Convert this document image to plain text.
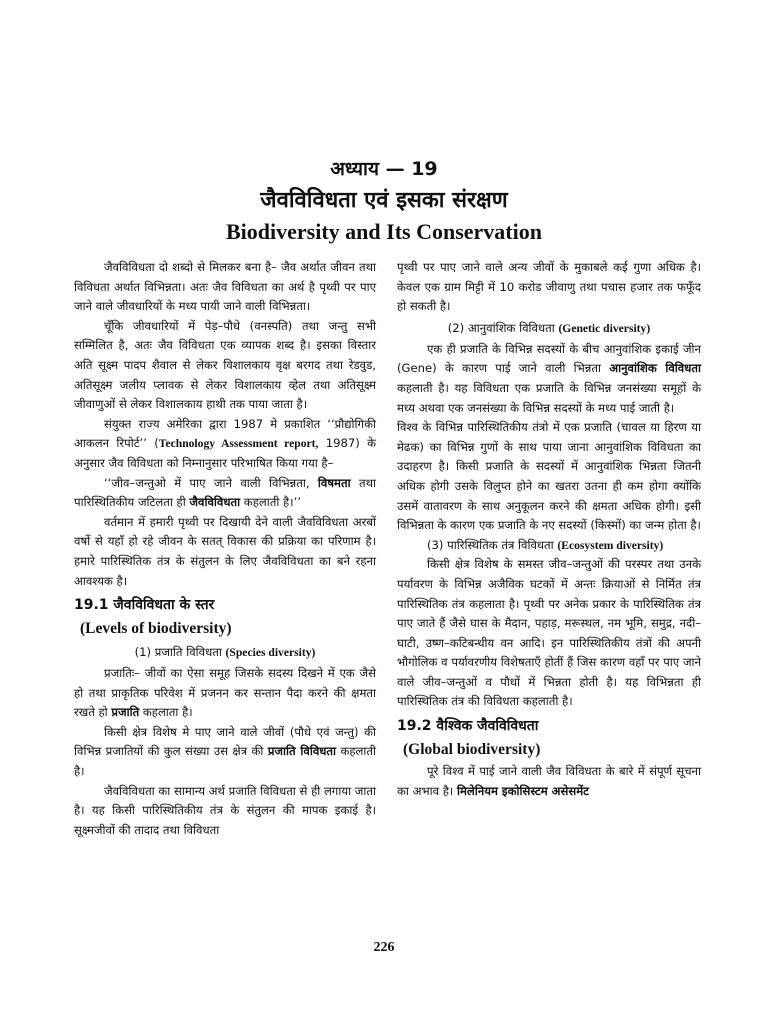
अध्याय — 19
जैवविविधता एवं इसका संरक्षण
Biodiversity and Its Conservation

जैवविविधता दो शब्दो से मिलकर बना है– जैव अर्थात जीवन तथा विविधता अर्थात विभिन्नता। अतः जैव विविधता का अर्थ है पृथ्वी पर पाए जाने वाले जीवधारियों के मध्य पायी जाने वाली विभिन्नता।

चूँकि जीवधारियों में पेड़–पौधे (वनस्पति) तथा जन्तु सभी सम्मिलित है, अतः जैव विविधता एक व्यापक शब्द है। इसका विस्तार अति सूक्ष्म पादप शैवाल से लेकर विशालकाय वृक्ष बरगद तथा रेडवुड, अतिसूक्ष्म जलीय प्लावक से लेकर विशालकाय व्हेल तथा अतिसूक्ष्म जीवाणुओं से लेकर विशालकाय हाथी तक पाया जाता है।

संयुक्त राज्य अमेरिका द्वारा 1987 मे प्रकाशित ‘‘प्रौद्योगिकी आकलन रिपोर्ट’’ (Technology Assessment report, 1987) के अनुसार जैव विविधता को निम्नानुसार परिभाषित किया गया है–

‘‘जीव–जन्तुओ में पाए जाने वाली विभिन्नता, विषमता तथा पारिस्थितिकीय जटिलता ही जैवविविधता कहलाती है।’’

वर्तमान में हमारी पृथ्वी पर दिखायी देने वाली जैवविविधता अरबों वर्षो से यहाँ हो रहे जीवन के सतत् विकास की प्रक्रिया का परिणाम है। हमारे पारिस्थितिक तंत्र के संतुलन के लिए जैवविविधता का बने रहना आवश्यक है।

19.1 जैवविविधता के स्तर
(Levels of biodiversity)

(1) प्रजाति विविधता (Species diversity)

प्रजातिः– जीवों का ऐसा समूह जिसके सदस्य दिखने में एक जैसे हो तथा प्राकृतिक परिवेश में प्रजनन कर सन्तान पैदा करने की क्षमता रखते हो प्रजाति कहलाता है।

किसी क्षेत्र विशेष मे पाए जाने वाले जीवों (पौधे एवं जन्तु) की विभिन्न प्रजातियों की कुल संख्या उस क्षेत्र की प्रजाति विविधता कहलाती है।

जैवविविधता का सामान्य अर्थ प्रजाति विविधता से ही लगाया जाता है। यह किसी पारिस्थितिकीय तंत्र के संतुलन की मापक इकाई है। सूक्ष्मजीवों की तादाद तथा विविधता

पृथ्वी पर पाए जाने वाले अन्य जीवों के मुकाबले कई गुणा अधिक है। केवल एक ग्राम मिट्टी में 10 करोड जीवाणु तथा पचास हजार तक फफूँद हो सकती है।

(2) आनुवांशिक विविधता (Genetic diversity)

एक ही प्रजाति के विभिन्न सदस्यों के बीच आनुवांशिक इकाई जीन (Gene) के कारण पाई जाने वाली भिन्नता आनुवांशिक विविधता कहलाती है। यह विविधता एक प्रजाति के विभिन्न जनसंख्या समूहों के मध्य अथवा एक जनसंख्या के विभिन्न सदस्यों के मध्य पाई जाती है।

विश्व के विभिन्न पारिस्थितिकीय तंत्रो में एक प्रजाति (चावल या हिरण या मेढक) का विभिन्न गुणों के साथ पाया जाना आनुवांशिक विविधता का उदाहरण है। किसी प्रजाति के सदस्यों में आनुवांशिक भिन्नता जितनी अधिक होगी उसके विलुप्त होने का खतरा उतना ही कम होगा क्योंकि उसमें वातावरण के साथ अनुकूलन करने की क्षमता अधिक होगी। इसी विभिन्नता के कारण एक प्रजाति के नए सदस्यों (किस्मों) का जन्म होता है।

(3) पारिस्थितिक तंत्र विविधता (Ecosystem diversity)

किसी क्षेत्र विशेष के समस्त जीव–जन्तुओं की परस्पर तथा उनके पर्यावरण के विभिन्न अजैविक घटकों में अन्तः क्रियाओं से निर्मित तंत्र पारिस्थितिक तंत्र कहलाता है। पृथ्वी पर अनेक प्रकार के पारिस्थितिक तंत्र पाए जाते हैं जैसे घास के मैदान, पहाड़, मरूस्थल, नम भूमि, समुद्र, नदी–घाटी, उष्ण–कटिबन्धीय वन आदि। इन पारिस्थितिकीय तंत्रों की अपनी भौगोलिक व पर्यावरणीय विशेषताएँ होतीं हैं जिस कारण वहाँ पर पाए जाने वाले जीव–जन्तुओं व पौधों में भिन्नता होती है। यह विभिन्नता ही पारिस्थितिक तंत्र की विविधता कहलाती है।

19.2 वैश्विक जैवविविधता
(Global biodiversity)

पूरे विश्व में पाई जाने वाली जैव विविधता के बारे में संपूर्ण सूचना का अभाव है। मिलेनियम इकोसिस्टम असेसमेंट

226
